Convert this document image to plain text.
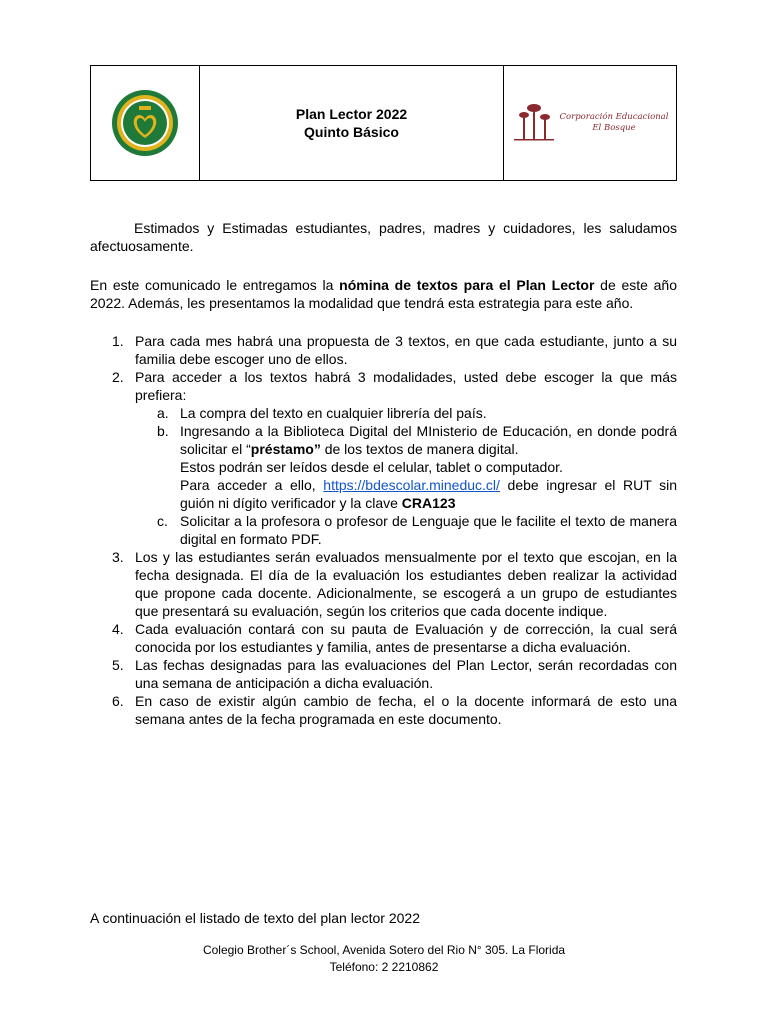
Plan Lector 2022
Quinto Básico
Corporación Educacional
El Bosque

Estimados y Estimadas estudiantes, padres, madres y cuidadores, les saludamos afectuosamente.

En este comunicado le entregamos la nómina de textos para el Plan Lector de este año 2022. Además, les presentamos la modalidad que tendrá esta estrategia para este año.

1. Para cada mes habrá una propuesta de 3 textos, en que cada estudiante, junto a su familia debe escoger uno de ellos.
2. Para acceder a los textos habrá 3 modalidades, usted debe escoger la que más prefiera:
a. La compra del texto en cualquier librería del país.
b. Ingresando a la Biblioteca Digital del MInisterio de Educación, en donde podrá solicitar el “préstamo” de los textos de manera digital.
Estos podrán ser leídos desde el celular, tablet o computador.
Para acceder a ello, https://bdescolar.mineduc.cl/ debe ingresar el RUT sin guión ni dígito verificador y la clave CRA123
c. Solicitar a la profesora o profesor de Lenguaje que le facilite el texto de manera digital en formato PDF.
3. Los y las estudiantes serán evaluados mensualmente por el texto que escojan, en la fecha designada. El día de la evaluación los estudiantes deben realizar la actividad que propone cada docente. Adicionalmente, se escogerá a un grupo de estudiantes que presentará su evaluación, según los criterios que cada docente indique.
4. Cada evaluación contará con su pauta de Evaluación y de corrección, la cual será conocida por los estudiantes y familia, antes de presentarse a dicha evaluación.
5. Las fechas designadas para las evaluaciones del Plan Lector, serán recordadas con una semana de anticipación a dicha evaluación.
6. En caso de existir algún cambio de fecha, el o la docente informará de esto una semana antes de la fecha programada en este documento.
A continuación el listado de texto del plan lector 2022
Colegio Brother´s School, Avenida Sotero del Rio N° 305. La Florida
Teléfono: 2 2210862
